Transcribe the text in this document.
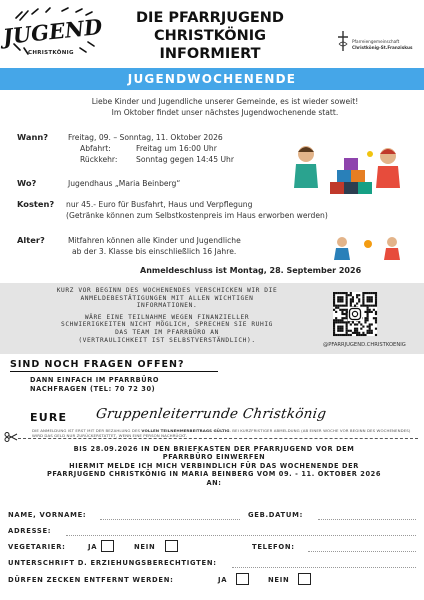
JUGEND
CHRISTKÖNIG
DIE PFARRJUGEND CHRISTKÖNIG
INFORMIERT
Pfarreiengemeinschaft
Christkönig-St.Franziskus
JUGENDWOCHENENDE
Liebe Kinder und Jugendliche unserer Gemeinde, es ist wieder soweit!
Im Oktober findet unser nächstes Jugendwochenende statt.
Wann?	Freitag, 09. – Sonntag, 11. Oktober 2026
Abfahrt:	Freitag um 16:00 Uhr
Rückkehr: Sonntag gegen 14:45 Uhr
Wo?	Jugendhaus „Maria Beinberg“
Kosten? nur 45.- Euro für Busfahrt, Haus und Verpflegung
(Getränke können zum Selbstkostenpreis im Haus erworben werden)
Alter?	Mitfahren können alle Kinder und Jugendliche
ab der 3. Klasse bis einschließlich 16 Jahre.
Anmeldeschluss ist Montag, 28. September 2026
KURZ VOR BEGINN DES WOCHENENDES VERSCHICKEN WIR DIE
ANMELDEBESTÄTIGUNGEN MIT ALLEN WICHTIGEN
INFORMATIONEN.
WÄRE EINE TEILNAHME WEGEN FINANZIELLER
SCHWIERIGKEITEN NICHT MÖGLICH, SPRECHEN SIE RUHIG
DAS TEAM IM PFARRBÜRO AN
(VERTRAULICHKEIT IST SELBSTVERSTÄNDLICH).
@PFARRJUGEND.CHRISTKOENIG
SIND NOCH FRAGEN OFFEN?
DANN EINFACH IM PFARRBÜRO
NACHFRAGEN (TEL: 70 72 30)
EURE Gruppenleiterrunde Christkönig
DIE ANMELDUNG IST ERST MIT DER BEZAHLUNG DES VOLLEN TEILNEHMERBEITRAGS GÜLTIG. BEI KURZFRISTIGER ABMELDUNG (AB EINER WOCHE VOR BEGINN DES WOCHENENDES) WIRD DAS GELD NUR ZURÜCKERSTATTET, WENN EINE PERSON NACHRÜCKT.
BIS 28.09.2026 IN DEN BRIEFKASTEN DER PFARRJUGEND VOR DEM
PFARRBÜRO EINWERFEN
HIERMIT MELDE ICH MICH VERBINDLICH FÜR DAS WOCHENENDE DER
PFARRJUGEND CHRISTKÖNIG IN MARIA BEINBERG VOM 09. - 11. OKTOBER 2026
AN:
NAME, VORNAME:	GEB.DATUM:
ADRESSE:
VEGETARIER:	JA	NEIN	TELEFON:
UNTERSCHRIFT D. ERZIEHUNGSBERECHTIGTEN:
DÜRFEN ZECKEN ENTFERNT WERDEN:	JA	NEIN
